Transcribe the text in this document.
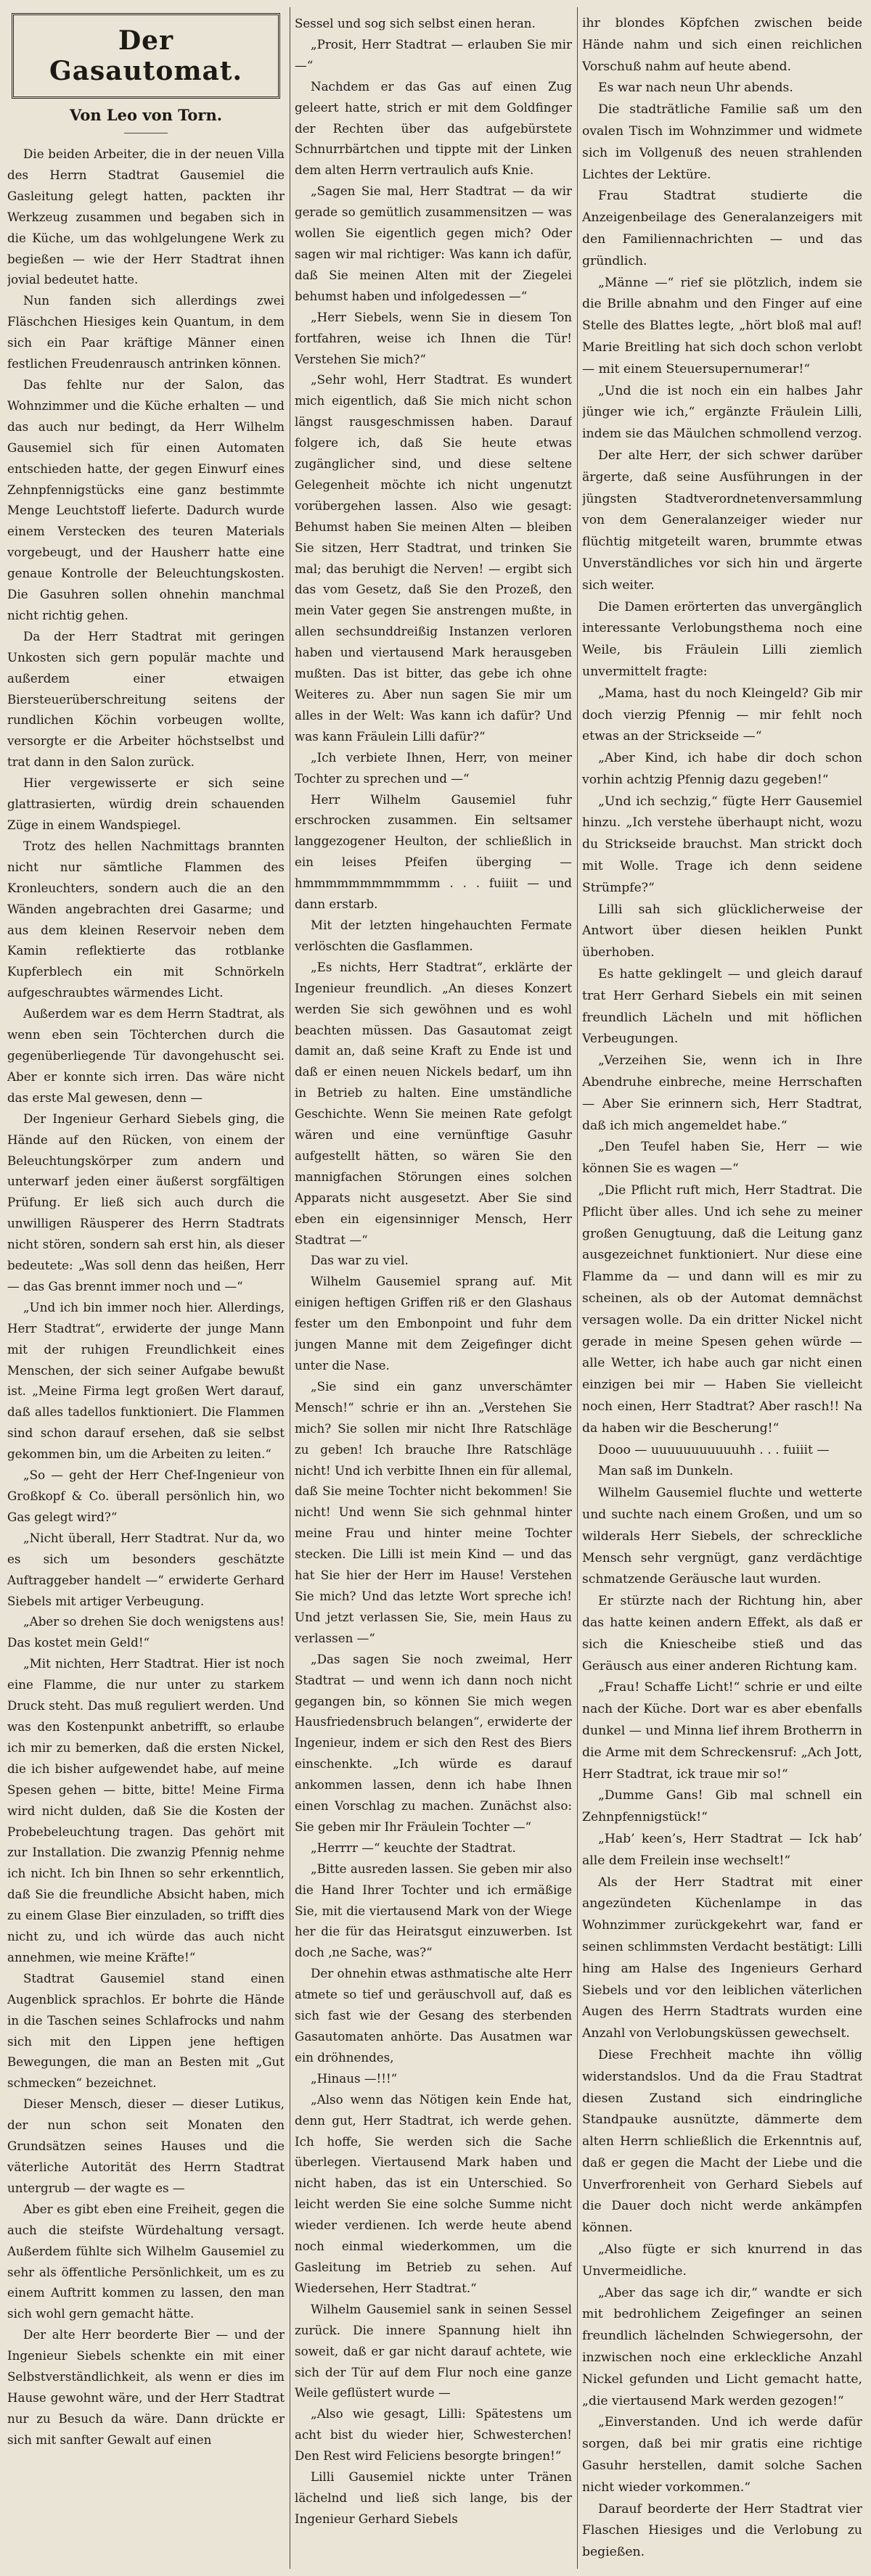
Der Gasautomat.
Von Leo von Torn.

Die beiden Arbeiter, die in der neuen Villa des Herrn Stadtrat Gausemiel die Gasleitung gelegt hatten, packten ihr Werkzeug zusammen und begaben sich in die Küche, um das wohlgelungene Werk zu begießen — wie der Herr Stadtrat ihnen jovial bedeutet hatte.

Nun fanden sich allerdings zwei Fläschchen Hiesiges kein Quantum, in dem sich ein Paar kräftige Männer einen festlichen Freudenrausch antrinken können.

Das fehlte nur der Salon, das Wohnzimmer und die Küche erhalten — und das auch nur bedingt, da Herr Wilhelm Gausemiel sich für einen Automaten entschieden hatte, der gegen Einwurf eines Zehnpfennigstücks eine ganz bestimmte Menge Leuchtstoff lieferte. Dadurch wurde einem Verstecken des teuren Materials vorgebeugt, und der Hausherr hatte eine genaue Kontrolle der Beleuchtungskosten. Die Gasuhren sollen ohnehin manchmal nicht richtig gehen.

Da der Herr Stadtrat mit geringen Unkosten sich gern populär machte und außerdem einer etwaigen Biersteuerüberschreitung seitens der rundlichen Köchin vorbeugen wollte, versorgte er die Arbeiter höchstselbst und trat dann in den Salon zurück.

Hier vergewisserte er sich seine glattrasierten, würdig drein schauenden Züge in einem Wandspiegel.

Trotz des hellen Nachmittags brannten nicht nur sämtliche Flammen des Kronleuchters, sondern auch die an den Wänden angebrachten drei Gasarme; und aus dem kleinen Reservoir neben dem Kamin reflektierte das rotblanke Kupferblech ein mit Schnörkeln aufgeschraubtes wärmendes Licht.

Außerdem war es dem Herrn Stadtrat, als wenn eben sein Töchterchen durch die gegenüberliegende Tür davongehuscht sei. Aber er konnte sich irren. Das wäre nicht das erste Mal gewesen, denn —

Der Ingenieur Gerhard Siebels ging, die Hände auf den Rücken, von einem der Beleuchtungskörper zum andern und unterwarf jeden einer äußerst sorgfältigen Prüfung. Er ließ sich auch durch die unwilligen Räusperer des Herrn Stadtrats nicht stören, sondern sah erst hin, als dieser bedeutete: „Was soll denn das heißen, Herr — das Gas brennt immer noch und —“

„Und ich bin immer noch hier. Allerdings, Herr Stadtrat“, erwiderte der junge Mann mit der ruhigen Freundlichkeit eines Menschen, der sich seiner Aufgabe bewußt ist. „Meine Firma legt großen Wert darauf, daß alles tadellos funktioniert. Die Flammen sind schon darauf ersehen, daß sie selbst gekommen bin, um die Arbeiten zu leiten.“

„So — geht der Herr Chef-Ingenieur von Großkopf & Co. überall persönlich hin, wo Gas gelegt wird?“

„Nicht überall, Herr Stadtrat. Nur da, wo es sich um besonders geschätzte Auftraggeber handelt —“ erwiderte Gerhard Siebels mit artiger Verbeugung.

„Aber so drehen Sie doch wenigstens aus! Das kostet mein Geld!“

„Mit nichten, Herr Stadtrat. Hier ist noch eine Flamme, die nur unter zu starkem Druck steht. Das muß reguliert werden. Und was den Kostenpunkt anbetrifft, so erlaube ich mir zu bemerken, daß die ersten Nickel, die ich bisher aufgewendet habe, auf meine Spesen gehen — bitte, bitte! Meine Firma wird nicht dulden, daß Sie die Kosten der Probebeleuchtung tragen. Das gehört mit zur Installation. Die zwanzig Pfennig nehme ich nicht. Ich bin Ihnen so sehr erkenntlich, daß Sie die freundliche Absicht haben, mich zu einem Glase Bier einzuladen, so trifft dies nicht zu, und ich würde das auch nicht annehmen, wie meine Kräfte!“

Stadtrat Gausemiel stand einen Augenblick sprachlos. Er bohrte die Hände in die Taschen seines Schlafrocks und nahm sich mit den Lippen jene heftigen Bewegungen, die man an Besten mit „Gut schmecken“ bezeichnet.

Dieser Mensch, dieser — dieser Lutikus, der nun schon seit Monaten den Grundsätzen seines Hauses und die väterliche Autorität des Herrn Stadtrat untergrub — der wagte es —

Aber es gibt eben eine Freiheit, gegen die auch die steifste Würdehaltung versagt. Außerdem fühlte sich Wilhelm Gausemiel zu sehr als öffentliche Persönlichkeit, um es zu einem Auftritt kommen zu lassen, den man sich wohl gern gemacht hätte.

Der alte Herr beorderte Bier — und der Ingenieur Siebels schenkte ein mit einer Selbstverständlichkeit, als wenn er dies im Hause gewohnt wäre, und der Herr Stadtrat nur zu Besuch da wäre. Dann drückte er sich mit sanfter Gewalt auf einen

Sessel und sog sich selbst einen heran.

„Prosit, Herr Stadtrat — erlauben Sie mir —“

Nachdem er das Gas auf einen Zug geleert hatte, strich er mit dem Goldfinger der Rechten über das aufgebürstete Schnurrbärtchen und tippte mit der Linken dem alten Herrn vertraulich aufs Knie.

„Sagen Sie mal, Herr Stadtrat — da wir gerade so gemütlich zusammensitzen — was wollen Sie eigentlich gegen mich? Oder sagen wir mal richtiger: Was kann ich dafür, daß Sie meinen Alten mit der Ziegelei behumst haben und infolgedessen —“

„Herr Siebels, wenn Sie in diesem Ton fortfahren, weise ich Ihnen die Tür! Verstehen Sie mich?“

„Sehr wohl, Herr Stadtrat. Es wundert mich eigentlich, daß Sie mich nicht schon längst rausgeschmissen haben. Darauf folgere ich, daß Sie heute etwas zugänglicher sind, und diese seltene Gelegenheit möchte ich nicht ungenutzt vorübergehen lassen. Also wie gesagt: Behumst haben Sie meinen Alten — bleiben Sie sitzen, Herr Stadtrat, und trinken Sie mal; das beruhigt die Nerven! — ergibt sich das vom Gesetz, daß Sie den Prozeß, den mein Vater gegen Sie anstrengen mußte, in allen sechsunddreißig Instanzen verloren haben und viertausend Mark herausgeben mußten. Das ist bitter, das gebe ich ohne Weiteres zu. Aber nun sagen Sie mir um alles in der Welt: Was kann ich dafür? Und was kann Fräulein Lilli dafür?“

„Ich verbiete Ihnen, Herr, von meiner Tochter zu sprechen und —“

Herr Wilhelm Gausemiel fuhr erschrocken zusammen. Ein seltsamer langgezogener Heulton, der schließlich in ein leises Pfeifen überging — hmmmmmmmmmmmm . . . fuiiit — und dann erstarb.

Mit der letzten hingehauchten Fermate verlöschten die Gasflammen.

„Es nichts, Herr Stadtrat“, erklärte der Ingenieur freundlich. „An dieses Konzert werden Sie sich gewöhnen und es wohl beachten müssen. Das Gasautomat zeigt damit an, daß seine Kraft zu Ende ist und daß er einen neuen Nickels bedarf, um ihn in Betrieb zu halten. Eine umständliche Geschichte. Wenn Sie meinen Rate gefolgt wären und eine vernünftige Gasuhr aufgestellt hätten, so wären Sie den mannigfachen Störungen eines solchen Apparats nicht ausgesetzt. Aber Sie sind eben ein eigensinniger Mensch, Herr Stadtrat —“

Das war zu viel.

Wilhelm Gausemiel sprang auf. Mit einigen heftigen Griffen riß er den Glashaus fester um den Embonpoint und fuhr dem jungen Manne mit dem Zeigefinger dicht unter die Nase.

„Sie sind ein ganz unverschämter Mensch!“ schrie er ihn an. „Verstehen Sie mich? Sie sollen mir nicht Ihre Ratschläge zu geben! Ich brauche Ihre Ratschläge nicht! Und ich verbitte Ihnen ein für allemal, daß Sie meine Tochter nicht bekommen! Sie nicht! Und wenn Sie sich gehnmal hinter meine Frau und hinter meine Tochter stecken. Die Lilli ist mein Kind — und das hat Sie hier der Herr im Hause! Verstehen Sie mich? Und das letzte Wort spreche ich! Und jetzt verlassen Sie, Sie, mein Haus zu verlassen —“

„Das sagen Sie noch zweimal, Herr Stadtrat — und wenn ich dann noch nicht gegangen bin, so können Sie mich wegen Hausfriedensbruch belangen“, erwiderte der Ingenieur, indem er sich den Rest des Biers einschenkte. „Ich würde es darauf ankommen lassen, denn ich habe Ihnen einen Vorschlag zu machen. Zunächst also: Sie geben mir Ihr Fräulein Tochter —“

„Herrrr —“ keuchte der Stadtrat.

„Bitte ausreden lassen. Sie geben mir also die Hand Ihrer Tochter und ich ermäßige Sie, mit die viertausend Mark von der Wiege her die für das Heiratsgut einzuwerben. Ist doch ‚ne Sache, was?“

Der ohnehin etwas asthmatische alte Herr atmete so tief und geräuschvoll auf, daß es sich fast wie der Gesang des sterbenden Gasautomaten anhörte. Das Ausatmen war ein dröhnendes,

„Hinaus —!!!“

„Also wenn das Nötigen kein Ende hat, denn gut, Herr Stadtrat, ich werde gehen. Ich hoffe, Sie werden sich die Sache überlegen. Viertausend Mark haben und nicht haben, das ist ein Unterschied. So leicht werden Sie eine solche Summe nicht wieder verdienen. Ich werde heute abend noch einmal wiederkommen, um die Gasleitung im Betrieb zu sehen. Auf Wiedersehen, Herr Stadtrat.“

Wilhelm Gausemiel sank in seinen Sessel zurück. Die innere Spannung hielt ihn soweit, daß er gar nicht darauf achtete, wie sich der Tür auf dem Flur noch eine ganze Weile geflüstert wurde —

„Also wie gesagt, Lilli: Spätestens um acht bist du wieder hier, Schwesterchen! Den Rest wird Feliciens besorgte bringen!“

Lilli Gausemiel nickte unter Tränen lächelnd und ließ sich lange, bis der Ingenieur Gerhard Siebels

ihr blondes Köpfchen zwischen beide Hände nahm und sich einen reichlichen Vorschuß nahm auf heute abend.

Es war nach neun Uhr abends.

Die stadträtliche Familie saß um den ovalen Tisch im Wohnzimmer und widmete sich im Vollgenuß des neuen strahlenden Lichtes der Lektüre.

Frau Stadtrat studierte die Anzeigenbeilage des Generalanzeigers mit den Familiennachrichten — und das gründlich.

„Männe —“ rief sie plötzlich, indem sie die Brille abnahm und den Finger auf eine Stelle des Blattes legte, „hört bloß mal auf! Marie Breitling hat sich doch schon verlobt — mit einem Steuersupernumerar!“

„Und die ist noch ein ein halbes Jahr jünger wie ich,“ ergänzte Fräulein Lilli, indem sie das Mäulchen schmollend verzog.

Der alte Herr, der sich schwer darüber ärgerte, daß seine Ausführungen in der jüngsten Stadtverordnetenversammlung von dem Generalanzeiger wieder nur flüchtig mitgeteilt waren, brummte etwas Unverständliches vor sich hin und ärgerte sich weiter.

Die Damen erörterten das unvergänglich interessante Verlobungsthema noch eine Weile, bis Fräulein Lilli ziemlich unvermittelt fragte:

„Mama, hast du noch Kleingeld? Gib mir doch vierzig Pfennig — mir fehlt noch etwas an der Strickseide —“

„Aber Kind, ich habe dir doch schon vorhin achtzig Pfennig dazu gegeben!“

„Und ich sechzig,“ fügte Herr Gausemiel hinzu. „Ich verstehe überhaupt nicht, wozu du Strickseide brauchst. Man strickt doch mit Wolle. Trage ich denn seidene Strümpfe?“

Lilli sah sich glücklicherweise der Antwort über diesen heiklen Punkt überhoben.

Es hatte geklingelt — und gleich darauf trat Herr Gerhard Siebels ein mit seinen freundlich Lächeln und mit höflichen Verbeugungen.

„Verzeihen Sie, wenn ich in Ihre Abendruhe einbreche, meine Herrschaften — Aber Sie erinnern sich, Herr Stadtrat, daß ich mich angemeldet habe.“

„Den Teufel haben Sie, Herr — wie können Sie es wagen —“

„Die Pflicht ruft mich, Herr Stadtrat. Die Pflicht über alles. Und ich sehe zu meiner großen Genugtuung, daß die Leitung ganz ausgezeichnet funktioniert. Nur diese eine Flamme da — und dann will es mir zu scheinen, als ob der Automat demnächst versagen wolle. Da ein dritter Nickel nicht gerade in meine Spesen gehen würde — alle Wetter, ich habe auch gar nicht einen einzigen bei mir — Haben Sie vielleicht noch einen, Herr Stadtrat? Aber rasch!! Na da haben wir die Bescherung!“

Dooo — uuuuuuuuuuuhh . . . fuiiit —

Man saß im Dunkeln.

Wilhelm Gausemiel fluchte und wetterte und suchte nach einem Großen, und um so wilderals Herr Siebels, der schreckliche Mensch sehr vergnügt, ganz verdächtige schmatzende Geräusche laut wurden.

Er stürzte nach der Richtung hin, aber das hatte keinen andern Effekt, als daß er sich die Kniescheibe stieß und das Geräusch aus einer anderen Richtung kam.

„Frau! Schaffe Licht!“ schrie er und eilte nach der Küche. Dort war es aber ebenfalls dunkel — und Minna lief ihrem Brotherrn in die Arme mit dem Schreckensruf: „Ach Jott, Herr Stadtrat, ick traue mir so!“

„Dumme Gans! Gib mal schnell ein Zehnpfennigstück!“

„Hab’ keen’s, Herr Stadtrat — Ick hab’ alle dem Freilein inse wechselt!“

Als der Herr Stadtrat mit einer angezündeten Küchenlampe in das Wohnzimmer zurückgekehrt war, fand er seinen schlimmsten Verdacht bestätigt: Lilli hing am Halse des Ingenieurs Gerhard Siebels und vor den leiblichen väterlichen Augen des Herrn Stadtrats wurden eine Anzahl von Verlobungsküssen gewechselt.

Diese Frechheit machte ihn völlig widerstandslos. Und da die Frau Stadtrat diesen Zustand sich eindringliche Standpauke ausnützte, dämmerte dem alten Herrn schließlich die Erkenntnis auf, daß er gegen die Macht der Liebe und die Unverfrorenheit von Gerhard Siebels auf die Dauer doch nicht werde ankämpfen können.

„Also fügte er sich knurrend in das Unvermeidliche.

„Aber das sage ich dir,“ wandte er sich mit bedrohlichem Zeigefinger an seinen freundlich lächelnden Schwiegersohn, der inzwischen noch eine erkleckliche Anzahl Nickel gefunden und Licht gemacht hatte, „die viertausend Mark werden gezogen!“

„Einverstanden. Und ich werde dafür sorgen, daß bei mir gratis eine richtige Gasuhr herstellen, damit solche Sachen nicht wieder vorkommen.“

Darauf beorderte der Herr Stadtrat vier Flaschen Hiesiges und die Verlobung zu begießen.
